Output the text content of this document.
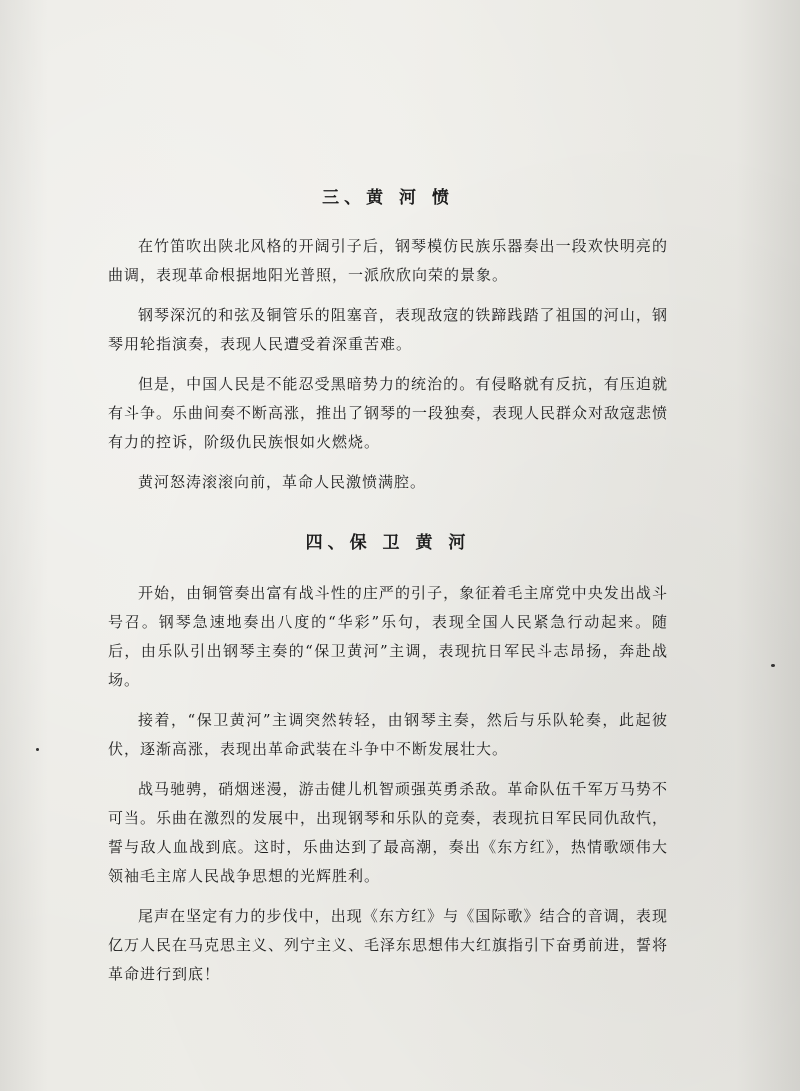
三、黄 河 愤

在竹笛吹出陕北风格的开阔引子后，钢琴模仿民族乐器奏出一段欢快明亮的曲调，表现革命根据地阳光普照，一派欣欣向荣的景象。

钢琴深沉的和弦及铜管乐的阻塞音，表现敌寇的铁蹄践踏了祖国的河山，钢琴用轮指演奏，表现人民遭受着深重苦难。

但是，中国人民是不能忍受黑暗势力的统治的。有侵略就有反抗，有压迫就有斗争。乐曲间奏不断高涨，推出了钢琴的一段独奏，表现人民群众对敌寇悲愤有力的控诉，阶级仇民族恨如火燃烧。

黄河怒涛滚滚向前，革命人民激愤满腔。

四、保 卫 黄 河

开始，由铜管奏出富有战斗性的庄严的引子，象征着毛主席党中央发出战斗号召。钢琴急速地奏出八度的“华彩”乐句，表现全国人民紧急行动起来。随后，由乐队引出钢琴主奏的“保卫黄河”主调，表现抗日军民斗志昂扬，奔赴战场。

接着，“保卫黄河”主调突然转轻，由钢琴主奏，然后与乐队轮奏，此起彼伏，逐渐高涨，表现出革命武装在斗争中不断发展壮大。

战马驰骋，硝烟迷漫，游击健儿机智顽强英勇杀敌。革命队伍千军万马势不可当。乐曲在激烈的发展中，出现钢琴和乐队的竞奏，表现抗日军民同仇敌忾，誓与敌人血战到底。这时，乐曲达到了最高潮，奏出《东方红》，热情歌颂伟大领袖毛主席人民战争思想的光辉胜利。

尾声在坚定有力的步伐中，出现《东方红》与《国际歌》结合的音调，表现亿万人民在马克思主义、列宁主义、毛泽东思想伟大红旗指引下奋勇前进，誓将革命进行到底！
